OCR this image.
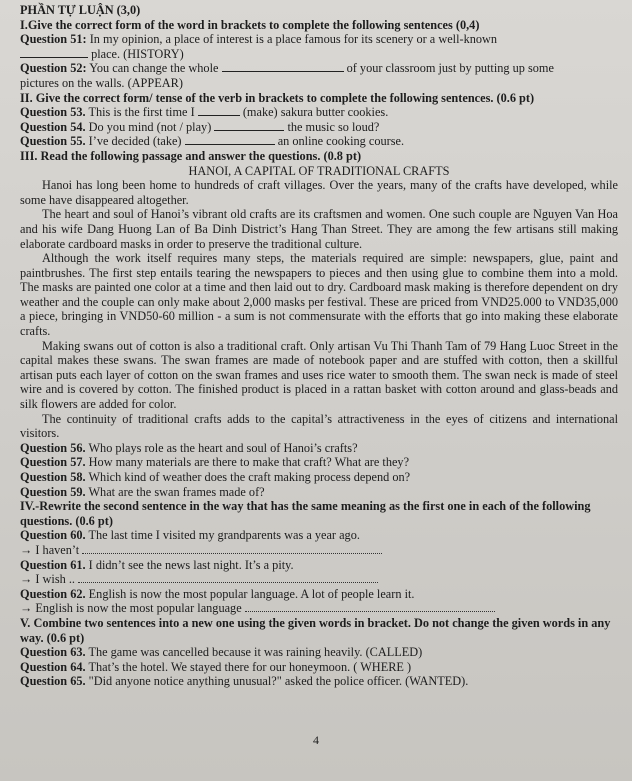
PHẦN TỰ LUẬN (3,0)
I.Give the correct form of the word in brackets to complete the following sentences (0,4)
Question 51: In my opinion, a place of interest is a place famous for its scenery or a well-known
place. (HISTORY)
Question 52: You can change the whole	of your classroom just by putting up some
pictures on the walls. (APPEAR)
II. Give the correct form/ tense of the verb in brackets to complete the following sentences. (0.6 pt)
Question 53. This is the first time I	(make) sakura butter cookies.
Question 54. Do you mind (not / play)	the music so loud?
Question 55. I’ve decided (take)	an online cooking course.
III. Read the following passage and answer the questions. (0.8 pt)
HANOI, A CAPITAL OF TRADITIONAL CRAFTS
Hanoi has long been home to hundreds of craft villages. Over the years, many of the crafts have developed, while some have disappeared altogether.
The heart and soul of Hanoi’s vibrant old crafts are its craftsmen and women. One such couple are Nguyen Van Hoa and his wife Dang Huong Lan of Ba Dinh District’s Hang Than Street. They are among the few artisans still making elaborate cardboard masks in order to preserve the traditional culture.
Although the work itself requires many steps, the materials required are simple: newspapers, glue, paint and paintbrushes. The first step entails tearing the newspapers to pieces and then using glue to combine them into a mold. The masks are painted one color at a time and then laid out to dry. Cardboard mask making is therefore dependent on dry weather and the couple can only make about 2,000 masks per festival. These are priced from VND25.000 to VND35,000 a piece, bringing in VND50-60 million - a sum is not commensurate with the efforts that go into making these elaborate crafts.
Making swans out of cotton is also a traditional craft. Only artisan Vu Thi Thanh Tam of 79 Hang Luoc Street in the capital makes these swans. The swan frames are made of notebook paper and are stuffed with cotton, then a skillful artisan puts each layer of cotton on the swan frames and uses rice water to smooth them. The swan neck is made of steel wire and is covered by cotton. The finished product is placed in a rattan basket with cotton around and glass-beads and silk flowers are added for color.
The continuity of traditional crafts adds to the capital’s attractiveness in the eyes of citizens and international visitors.
Question 56. Who plays role as the heart and soul of Hanoi’s crafts?
Question 57. How many materials are there to make that craft? What are they?
Question 58. Which kind of weather does the craft making process depend on?
Question 59. What are the swan frames made of?
IV.-Rewrite the second sentence in the way that has the same meaning as the first one in each of the following questions. (0.6 pt)
Question 60. The last time I visited my grandparents was a year ago.
→ I haven’t
Question 61. I didn’t see the news last night. It’s a pity.
→ I wish ..
Question 62. English is now the most popular language. A lot of people learn it.
→ English is now the most popular language
V. Combine two sentences into a new one using the given words in bracket. Do not change the given words in any way. (0.6 pt)
Question 63. The game was cancelled because it was raining heavily. (CALLED)
Question 64. That’s the hotel. We stayed there for our honeymoon. ( WHERE )
Question 65. "Did anyone notice anything unusual?" asked the police officer. (WANTED).
4
